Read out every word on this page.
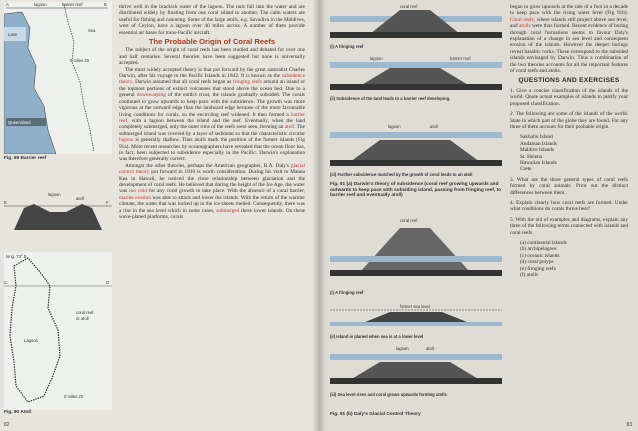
A	B
lagoon	barrier reef
Lane
Sea
0 miles 20
Queensland
Fig. 89 Barrier reef
E	F
lagoon
atoll
long. 73° E
C	D
Lagoon
coral reef
or atoll
0 miles 20
Fig. 90 Atoll

thrive well in the brackish water of the lagoon. The nuts fall into the water and are distributed widely by floating from one coral island to another. The calm waters are useful for fishing and canoeing. Some of the large atolls, e.g. Suvadiva in the Maldives, west of Ceylon, have a lagoon over 40 miles across. A number of them provide essential air bases for trans-Pacific aircraft.

The Probable Origin of Coral Reefs

The subject of the origin of coral reefs has been studied and debated for over one and half centuries. Several theories have been suggested but none is universally accepted.

The most widely accepted theory is that put forward by the great naturalist Charles Darwin, after his voyage to the Pacific Islands in 1842. It is known as the subsidence theory. Darwin assumed that all coral reefs began as fringing reefs around an island or the topmost portions of extinct volcanoes that stood above the ocean bed. Due to a general downwarping of the earth's crust, the islands gradually subsided. The corals continued to grow upwards to keep pace with the subsidence. The growth was more vigorous at the outward edge than the landward edge because of the more favourable living conditions for corals, so the encircling reef widened. It then formed a barrier reef, with a lagoon between the island and the reef. Eventually, when the land completely submerged, only the outer rims of the reefs were seen, forming an atoll. The submerged island was covered by a layer of sediment so that the characteristic circular lagoon is generally shallow. Thus atolls mark the position of the former islands (Fig 91a). More recent researches by oceanographers have revealed that the ocean floor has, in fact, been subjected to subsidence especially in the Pacific. Darwin's explanation was therefore generally correct.

Amongst the other theories, perhaps the American geographer, R.A. Daly's glacial control theory put forward in 1910 is worth consideration. During his visit to Mauna Kea in Hawaii, he noticed the close relationship between glaciation and the development of coral reefs. He believed that during the height of the Ice Age, the water was too cold for any coral growth to take place. With the absence of a coral barrier, marine erosion was able to attack and lower the islands. With the return of the warmer climate, the water that was locked up in the ice sheets melted. Consequently, there was a rise in the sea level which in some cases, submerged these lower islands. On these wave-planed platforms, corals

82
coral reef
(i) A fringing reef
lagoon	barrier reef
(ii) Subsidence of the land leads to a barrier reef developing.
lagoon	atoll
(iii) Further subsidence matched by the growth of coral leads to an atoll
Fig. 91 (a) Darwin's theory of subsidence (coral reef growing upwards and outwards to keep pace with subsiding island, passing from fringing reef, to barrier reef and eventually atoll)
coral reef
(i) A fringing reef
former sea level
(ii) Island is planed when sea is at a lower level
lagoon	atoll
(iii) Sea level rises and coral grows upwards forming atolls
Fig. 91 (b) Daly's Glacial Control Theory

began to grow upwards at the rate of a foot in a decade to keep pace with the rising water level (Fig 91b). Coral reefs, where islands still project above sea level, and atolls were thus formed. Recent evidence of boring through coral formations seems to favour Daly's explanation of a change in sea level and consequent erosion of the islands. However the deeper borings reveal basaltic rocks. These correspond to the subsided islands envisaged by Darwin. Thus a combination of the two theories accounts for all the important features of coral reefs and atolls.

QUESTIONS AND EXERCISES

1. Give a concise classification of the islands of the world. Quote actual examples of islands to justify your proposed classification.

2. The following are some of the islands of the world. State in which part of the globe they are found. For any three of them account for their probable origin.

Sakhalin Island
Andaman Islands
Maldive Islands
St. Helena
Hawaiian Islands
Crete

3. What are the three general types of coral reefs formed by coral animals. Print out the distinct differences between them.

4. Explain clearly how coral reefs are formed. Under what conditions do corals thrive best?

5. With the aid of examples and diagrams, explain any three of the following terms connected with islands and coral reefs

(a) continental islands
(b) archipelagoes
(c) oceanic islands
(d) coral polyps
(e) fringing reefs
(f) atolls
83
